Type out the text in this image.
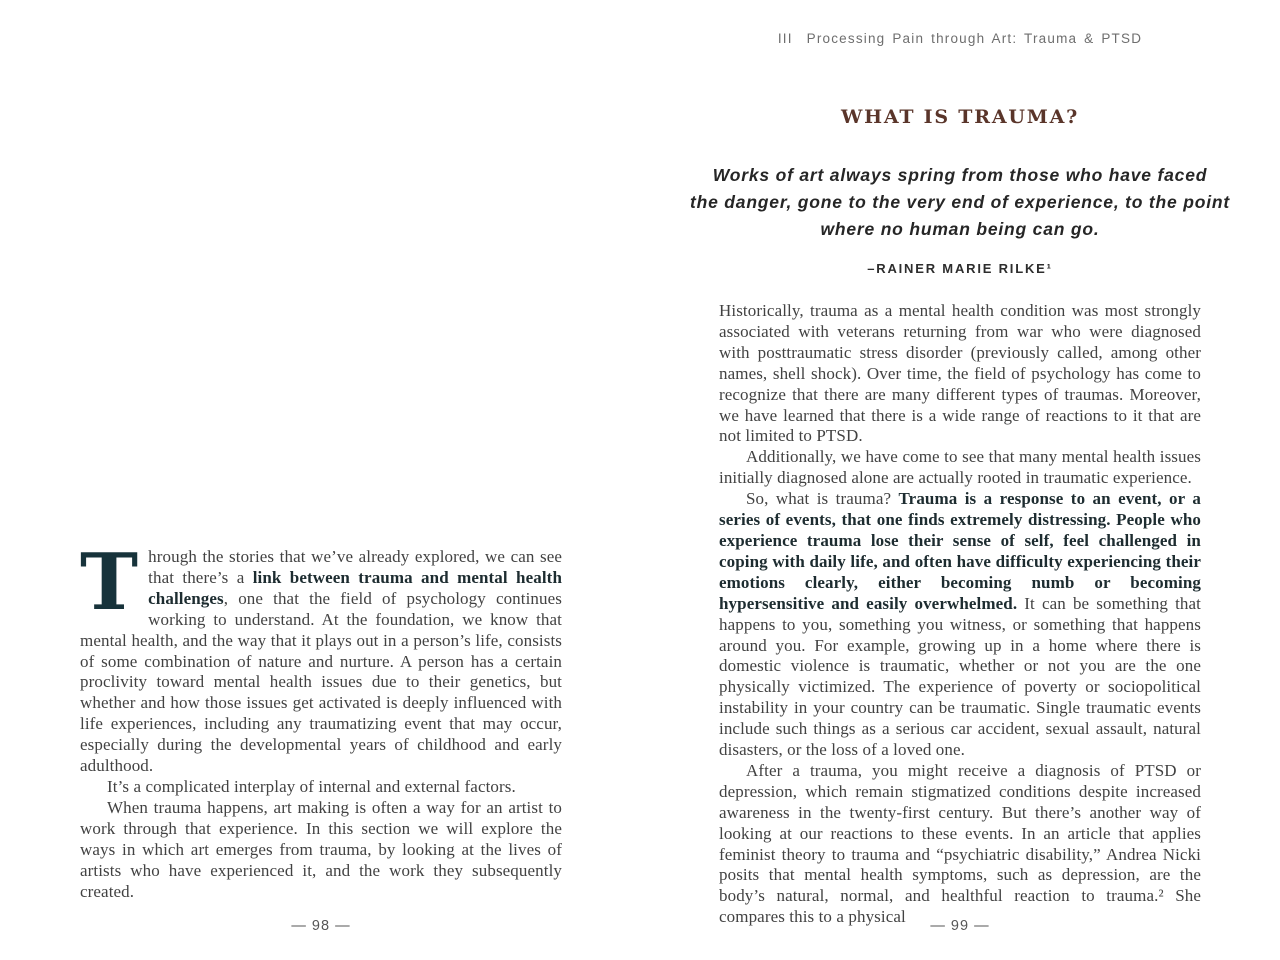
Through the stories that we’ve already explored, we can see that there’s a link between trauma and mental health challenges, one that the field of psychology continues working to understand. At the foundation, we know that mental health, and the way that it plays out in a person’s life, consists of some combination of nature and nurture. A person has a certain proclivity toward mental health issues due to their genetics, but whether and how those issues get activated is deeply influenced with life experiences, including any traumatizing event that may occur, especially during the developmental years of childhood and early adulthood.

It’s a complicated interplay of internal and external factors.

When trauma happens, art making is often a way for an artist to work through that experience. In this section we will explore the ways in which art emerges from trauma, by looking at the lives of artists who have experienced it, and the work they subsequently created.

— 98 —
III  Processing Pain through Art: Trauma & PTSD
WHAT IS TRAUMA?
Works of art always spring from those who have faced
the danger, gone to the very end of experience, to the point
where no human being can go.
–RAINER MARIE RILKE¹

Historically, trauma as a mental health condition was most strongly associated with veterans returning from war who were diagnosed with posttraumatic stress disorder (previously called, among other names, shell shock). Over time, the field of psychology has come to recognize that there are many different types of traumas. Moreover, we have learned that there is a wide range of reactions to it that are not limited to PTSD.

Additionally, we have come to see that many mental health issues initially diagnosed alone are actually rooted in traumatic experience.

So, what is trauma? Trauma is a response to an event, or a series of events, that one finds extremely distressing. People who experience trauma lose their sense of self, feel challenged in coping with daily life, and often have difficulty experiencing their emotions clearly, either becoming numb or becoming hypersensitive and easily overwhelmed. It can be something that happens to you, something you witness, or something that happens around you. For example, growing up in a home where there is domestic violence is traumatic, whether or not you are the one physically victimized. The experience of poverty or sociopolitical instability in your country can be traumatic. Single traumatic events include such things as a serious car accident, sexual assault, natural disasters, or the loss of a loved one.

After a trauma, you might receive a diagnosis of PTSD or depression, which remain stigmatized conditions despite increased awareness in the twenty-first century. But there’s another way of looking at our reactions to these events. In an article that applies feminist theory to trauma and “psychiatric disability,” Andrea Nicki posits that mental health symptoms, such as depression, are the body’s natural, normal, and healthful reaction to trauma.² She compares this to a physical	— 99 —
